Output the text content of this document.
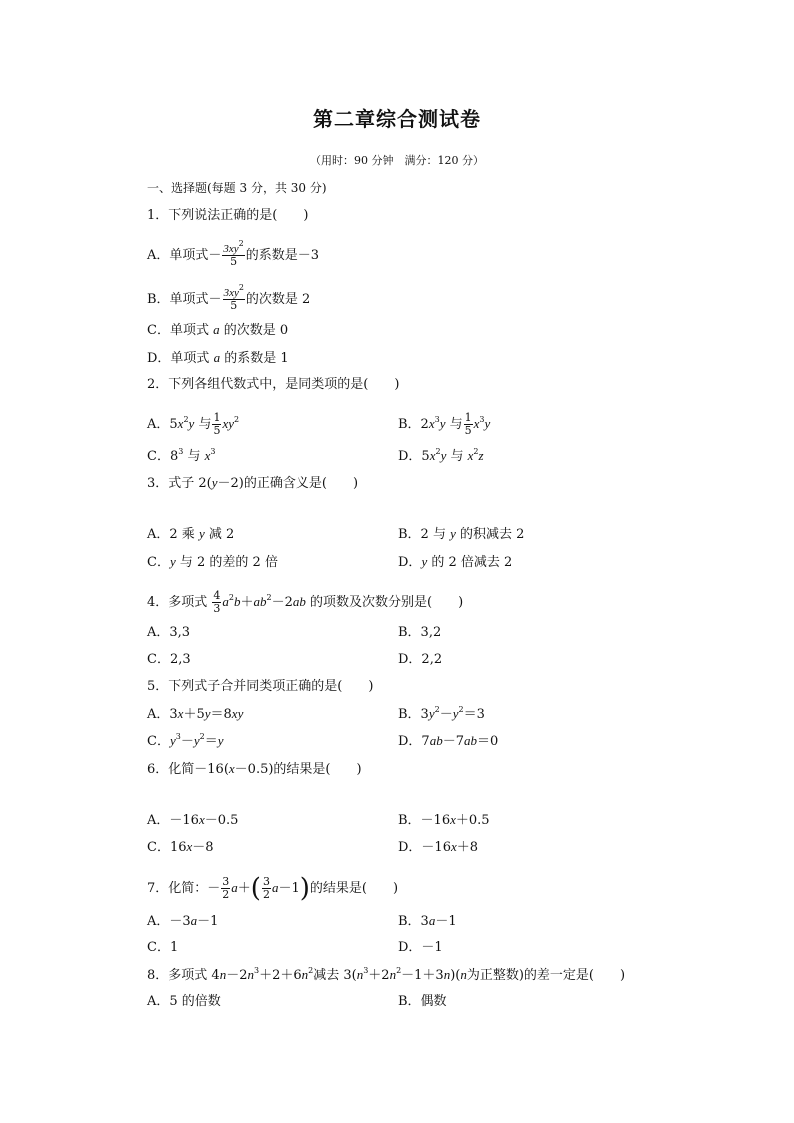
第二章综合测试卷
（用时：90 分钟　满分：120 分）
一、选择题(每题 3 分，共 30 分)
1．下列说法正确的是(　　)
A．单项式－ $\frac{3xy^2}{5}$ 的系数是－3
B．单项式－ $\frac{3xy^2}{5}$ 的次数是 2
C．单项式 a 的次数是 0
D．单项式 a 的系数是 1
2．下列各组代数式中，是同类项的是(　　)
A．$5x^2y$ 与 $\frac{1}{5} xy^2$	B．$2x^3y$ 与 $\frac{1}{5} x^3y$
C．$8^3$ 与 $x^3$	D．$5x^2y$ 与 $x^2z$
3．式子 2(y－2)的正确含义是(　　)
A．2 乘 y 减 2	B．2 与 y 的积减去 2
C．y 与 2 的差的 2 倍	D．y 的 2 倍减去 2
4．多项式 $\frac{4}{3} a^2b+ab^2-2ab$ 的项数及次数分别是(　　)
A．3,3	B．3,2
C．2,3	D．2,2
5．下列式子合并同类项正确的是(　　)
A．3x＋5y＝8xy	B．$3y^2-y^2=3$
C．$y^3-y^2=y$	D．7ab－7ab＝0
6．化简－16(x－0.5)的结果是(　　)
A．－16x－0.5	B．－16x＋0.5
C．16x－8	D．－16x＋8
7．化简：－ $\frac{3}{2} a+( \frac{3}{2} a-1)$的结果是(　　)
A．－3a－1	B．3a－1
C．1	D．－1
8．多项式 $4n-2n^3+2+6n^2$减去 $3(n^3+2n^2-1+3n)(n$为正整数)的差一定是(　　)
A．5 的倍数	B．偶数
